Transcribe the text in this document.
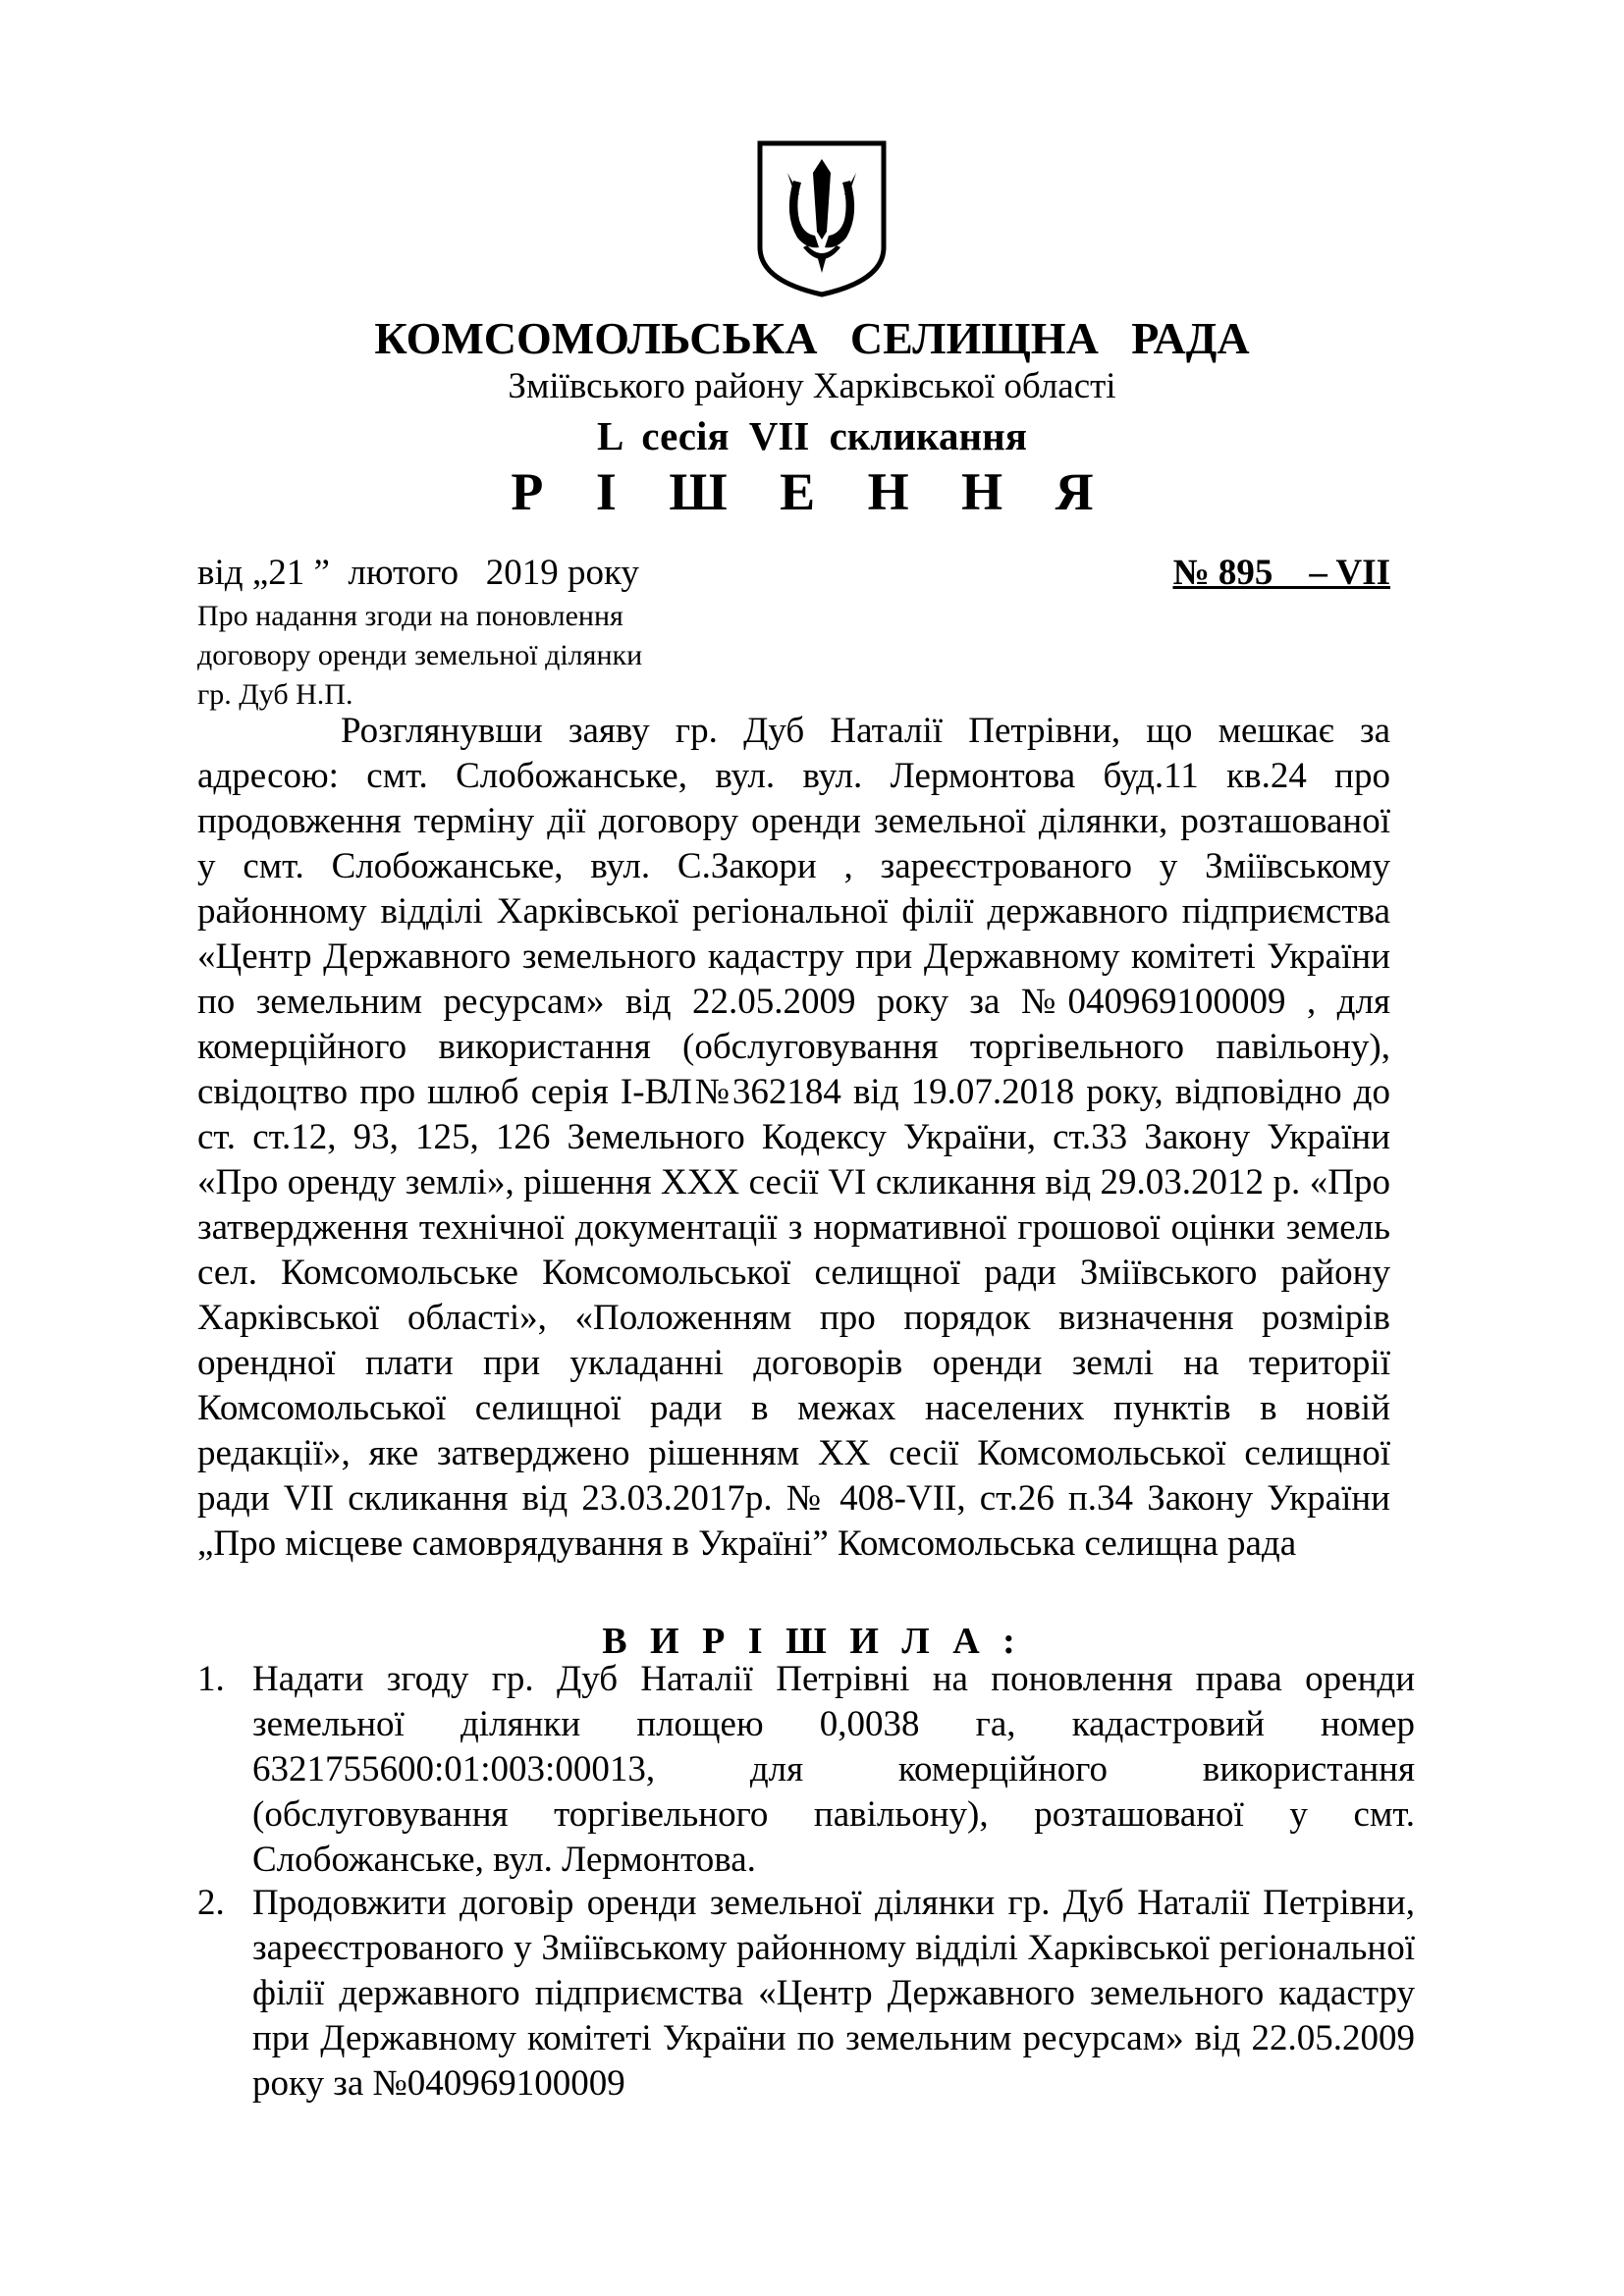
КОМСОМОЛЬСЬКА СЕЛИЩНА РАДА
Зміївського району Харківської області
L сесія VII скликання
Р І Ш Е Н Н Я
від „21 ”  лютого   2019 року	№ 895    – VII
Про надання згоди на поновлення
договору оренди земельної ділянки
гр. Дуб Н.П.
Розглянувши заяву гр. Дуб Наталії Петрівни, що мешкає за адресою: смт. Слобожанське, вул. вул. Лермонтова буд.11 кв.24 про продовження терміну дії договору оренди земельної ділянки, розташованої у смт. Слобожанське, вул. С.Закори , зареєстрованого у Зміївському районному відділі Харківської регіональної філії державного підприємства «Центр Державного земельного кадастру при Державному комітеті України по земельним ресурсам» від 22.05.2009 року за №040969100009 , для комерційного використання (обслуговування торгівельного павільону), свідоцтво про шлюб серія І-ВЛ№362184 від 19.07.2018 року, відповідно до ст. ст.12, 93, 125, 126 Земельного Кодексу України, ст.33 Закону України «Про оренду землі», рішення ХХХ сесії VI скликання від 29.03.2012 р. «Про затвердження технічної документації з нормативної грошової оцінки земель сел. Комсомольське Комсомольської селищної ради Зміївського району Харківської області», «Положенням про порядок визначення розмірів орендної плати при укладанні договорів оренди землі на території Комсомольської селищної ради в межах населених пунктів в новій редакції», яке затверджено рішенням ХХ сесії Комсомольської селищної ради VII скликання від 23.03.2017р. № 408-VII, ст.26 п.34 Закону України „Про місцеве самоврядування в Україні” Комсомольська селищна рада
В И Р І Ш И Л А :
1. Надати згоду гр. Дуб Наталії Петрівні на поновлення права оренди земельної ділянки площею 0,0038 га, кадастровий номер 6321755600:01:003:00013, для комерційного використання (обслуговування торгівельного павільону), розташованої у смт. Слобожанське, вул. Лермонтова.
2. Продовжити договір оренди земельної ділянки гр. Дуб Наталії Петрівни, зареєстрованого у Зміївському районному відділі Харківської регіональної філії державного підприємства «Центр Державного земельного кадастру при Державному комітеті України по земельним ресурсам» від 22.05.2009 року за №040969100009
